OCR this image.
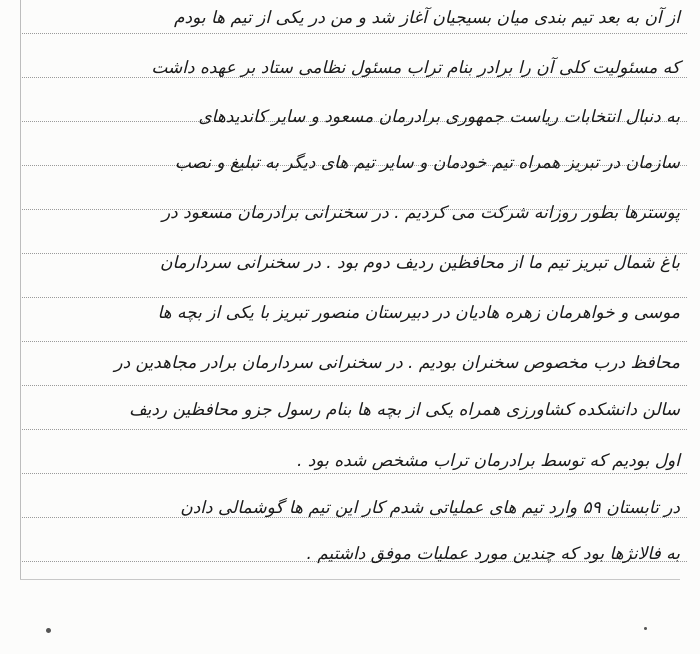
از آن به بعد تیم بندی میان بسیجیان آغاز شد و من در یکی از تیم ها بودم
که مسئولیت کلی آن را برادر بنام تراب مسئول نظامی ستاد بر عهده داشت
به دنبال انتخابات ریاست جمهوری برادرمان مسعود و سایر کاندیدهای
سازمان در تبریز همراه تیم خودمان و سایر تیم های دیگر به تبلیغ و نصب
پوسترها بطور روزانه شرکت می کردیم . در سخنرانی برادرمان مسعود در
باغ شمال تبریز تیم ما از محافظین ردیف دوم بود . در سخنرانی سردارمان
موسی و خواهرمان زهره هادیان در دبیرستان منصور تبریز با یکی از بچه ها
محافظ درب مخصوص سخنران بودیم . در سخنرانی سردارمان برادر مجاهدین در
سالن دانشکده کشاورزی همراه یکی از بچه ها بنام رسول جزو محافظین ردیف
اول بودیم که توسط برادرمان تراب مشخص شده بود .
در تابستان ۵۹ وارد تیم های عملیاتی شدم کار این تیم ها گوشمالی دادن
به فالانژها بود که چندین مورد عملیات موفق داشتیم .
